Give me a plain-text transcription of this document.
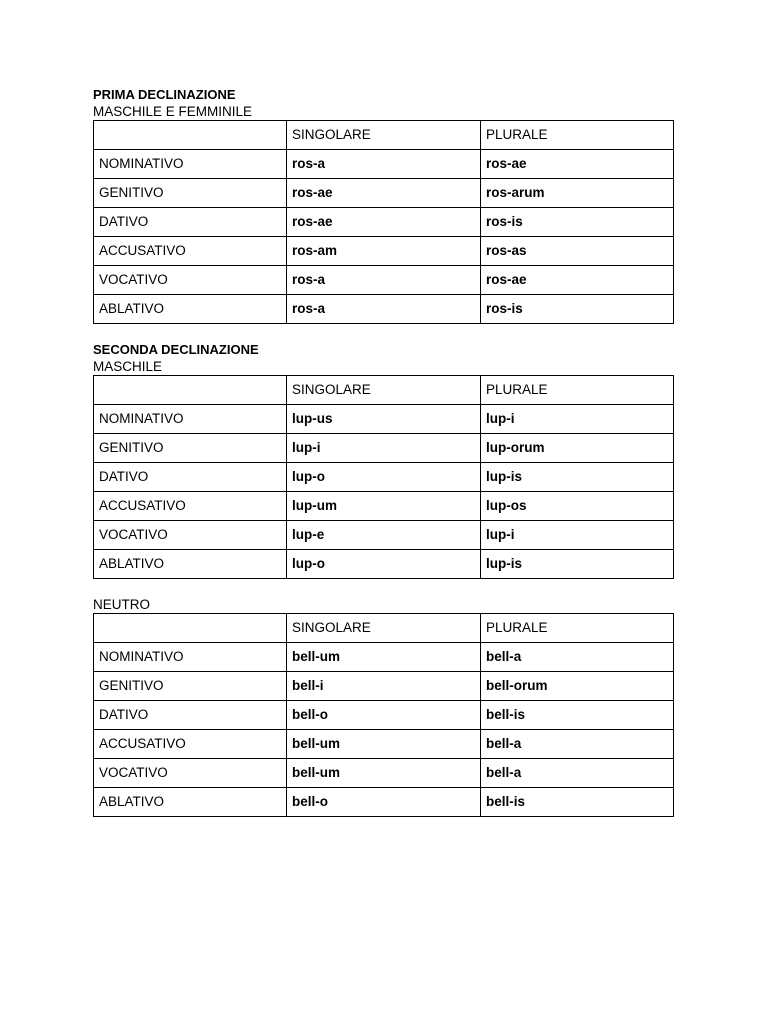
PRIMA DECLINAZIONE

MASCHILE E FEMMINILE

	SINGOLARE	PLURALE
NOMINATIVO	ros-a	ros-ae
GENITIVO	ros-ae	ros-arum
DATIVO	ros-ae	ros-is
ACCUSATIVO	ros-am	ros-as
VOCATIVO	ros-a	ros-ae
ABLATIVO	ros-a	ros-is

SECONDA DECLINAZIONE

MASCHILE

	SINGOLARE	PLURALE
NOMINATIVO	lup-us	lup-i
GENITIVO	lup-i	lup-orum
DATIVO	lup-o	lup-is
ACCUSATIVO	lup-um	lup-os
VOCATIVO	lup-e	lup-i
ABLATIVO	lup-o	lup-is

NEUTRO

	SINGOLARE	PLURALE
NOMINATIVO	bell-um	bell-a
GENITIVO	bell-i	bell-orum
DATIVO	bell-o	bell-is
ACCUSATIVO	bell-um	bell-a
VOCATIVO	bell-um	bell-a
ABLATIVO	bell-o	bell-is
